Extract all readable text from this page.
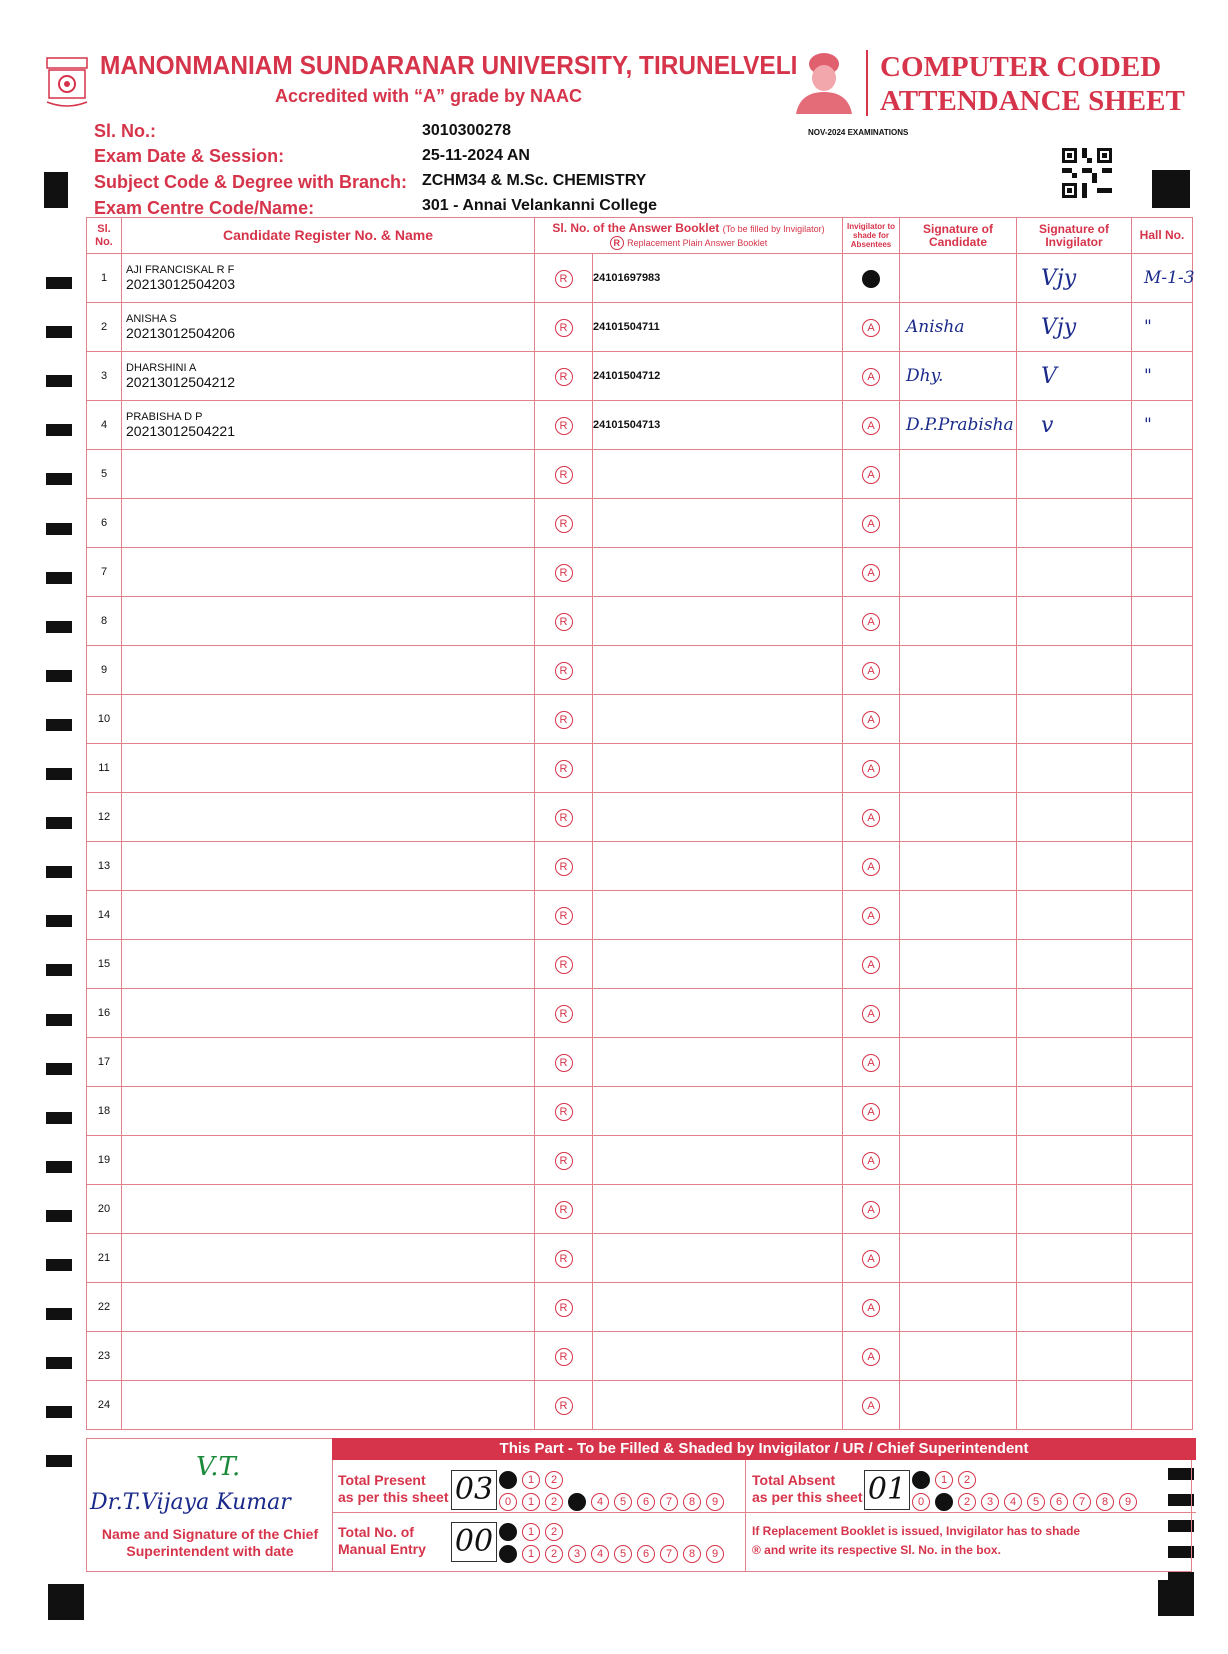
MANONMANIAM SUNDARANAR UNIVERSITY, TIRUNELVELI
Accredited with “A” grade by NAAC
COMPUTER CODED
ATTENDANCE SHEET
NOV-2024 EXAMINATIONS
Sl. No.:	3010300278
Exam Date & Session:	25-11-2024 AN
Subject Code & Degree with Branch: ZCHM34 & M.Sc. CHEMISTRY
Exam Centre Code/Name:	301 - Annai Velankanni College
Sl. No.	Candidate Register No. & Name	Sl. No. of the Answer Booklet (To be filled by Invigilator)
R Replacement Plain Answer Booklet		Invigilator to shade for Absentees	Signature of Candidate	Signature of Invigilator	Hall No.
1	AJI FRANCISKAL R F
20213012504203	R	24101697983	A		Vjy	M-1-3
2	ANISHA S
20213012504206	R	24101504711	A	Anisha	Vjy	"
3	DHARSHINI A
20213012504212	R	24101504712	A	Dhy.	V	"
4	PRABISHA D P
20213012504221	R	24101504713	A	D.P.Prabisha	v	"
5		R		A			
6		R		A			
7		R		A			
8		R		A			
9		R		A			
10		R		A			
11		R		A			
12		R		A			
13		R		A			
14		R		A			
15		R		A			
16		R		A			
17		R		A			
18		R		A			
19		R		A			
20		R		A			
21		R		A			
22		R		A			
23		R		A			
24		R		A			
This Part - To be Filled & Shaded by Invigilator / UR / Chief Superintendent
V.T.
Dr.T.Vijaya Kumar
Name and Signature of the Chief Superintendent with date
Total Present
as per this sheet 03	0 1 2
0 1 2 3 4 5 6 7 8 9
Total Absent
as per this sheet 01	0 1 2
0 1 2 3 4 5 6 7 8 9
Total No. of
Manual Entry 00	0 1 2
0 1 2 3 4 5 6 7 8 9
If Replacement Booklet is issued, Invigilator has to shade ® and write its respective Sl. No. in the box.
